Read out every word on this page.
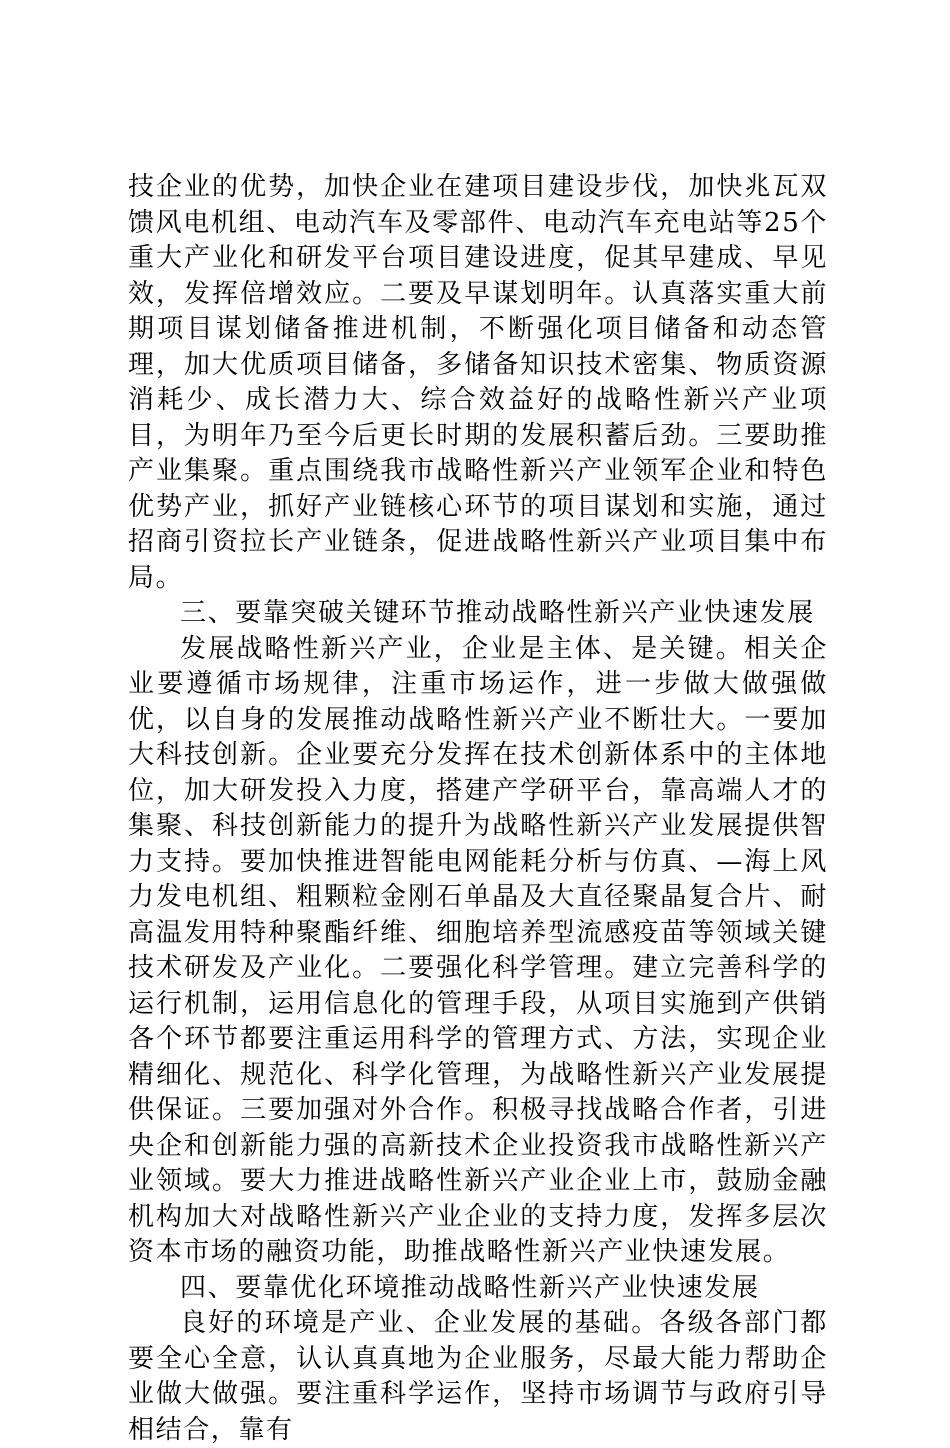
技企业的优势，加快企业在建项目建设步伐，加快兆瓦双馈风电机组、电动汽车及零部件、电动汽车充电站等25个重大产业化和研发平台项目建设进度，促其早建成、早见效，发挥倍增效应。二要及早谋划明年。认真落实重大前期项目谋划储备推进机制，不断强化项目储备和动态管理，加大优质项目储备，多储备知识技术密集、物质资源消耗少、成长潜力大、综合效益好的战略性新兴产业项目，为明年乃至今后更长时期的发展积蓄后劲。三要助推产业集聚。重点围绕我市战略性新兴产业领军企业和特色优势产业，抓好产业链核心环节的项目谋划和实施，通过招商引资拉长产业链条，促进战略性新兴产业项目集中布局。

三、要靠突破关键环节推动战略性新兴产业快速发展

发展战略性新兴产业，企业是主体、是关键。相关企业要遵循市场规律，注重市场运作，进一步做大做强做优，以自身的发展推动战略性新兴产业不断壮大。一要加大科技创新。企业要充分发挥在技术创新体系中的主体地位，加大研发投入力度，搭建产学研平台，靠高端人才的集聚、科技创新能力的提升为战略性新兴产业发展提供智力支持。要加快推进智能电网能耗分析与仿真、—海上风力发电机组、粗颗粒金刚石单晶及大直径聚晶复合片、耐高温发用特种聚酯纤维、细胞培养型流感疫苗等领域关键技术研发及产业化。二要强化科学管理。建立完善科学的运行机制，运用信息化的管理手段，从项目实施到产供销各个环节都要注重运用科学的管理方式、方法，实现企业精细化、规范化、科学化管理，为战略性新兴产业发展提供保证。三要加强对外合作。积极寻找战略合作者，引进央企和创新能力强的高新技术企业投资我市战略性新兴产业领域。要大力推进战略性新兴产业企业上市，鼓励金融机构加大对战略性新兴产业企业的支持力度，发挥多层次资本市场的融资功能，助推战略性新兴产业快速发展。

四、要靠优化环境推动战略性新兴产业快速发展

良好的环境是产业、企业发展的基础。各级各部门都要全心全意，认认真真地为企业服务，尽最大能力帮助企业做大做强。要注重科学运作，坚持市场调节与政府引导相结合，靠有
